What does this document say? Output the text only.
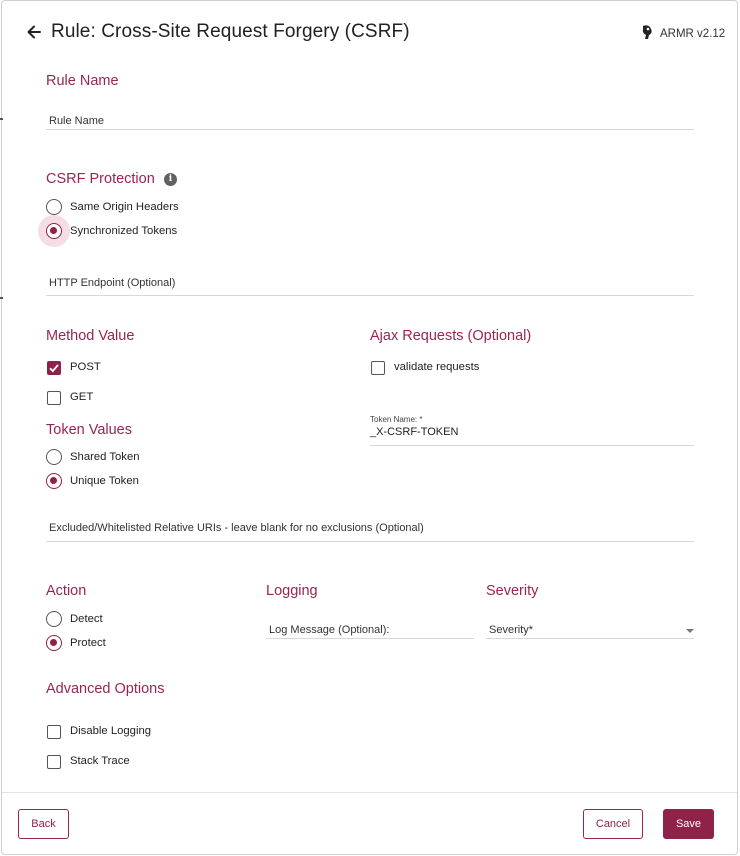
Rule: Cross-Site Request Forgery (CSRF)	ARMR v2.12
Rule Name
Rule Name
CSRF Protection	i
Same Origin Headers
Synchronized Tokens
HTTP Endpoint (Optional)
Method Value
POST
GET
Ajax Requests (Optional)
validate requests
Token Name: *
_X-CSRF-TOKEN
Token Values
Shared Token
Unique Token
Excluded/Whitelisted Relative URIs - leave blank for no exclusions (Optional)
Action
Detect
Protect
Logging
Log Message (Optional):
Severity
Severity*
Advanced Options
Disable Logging
Stack Trace
Back	Cancel	Save
